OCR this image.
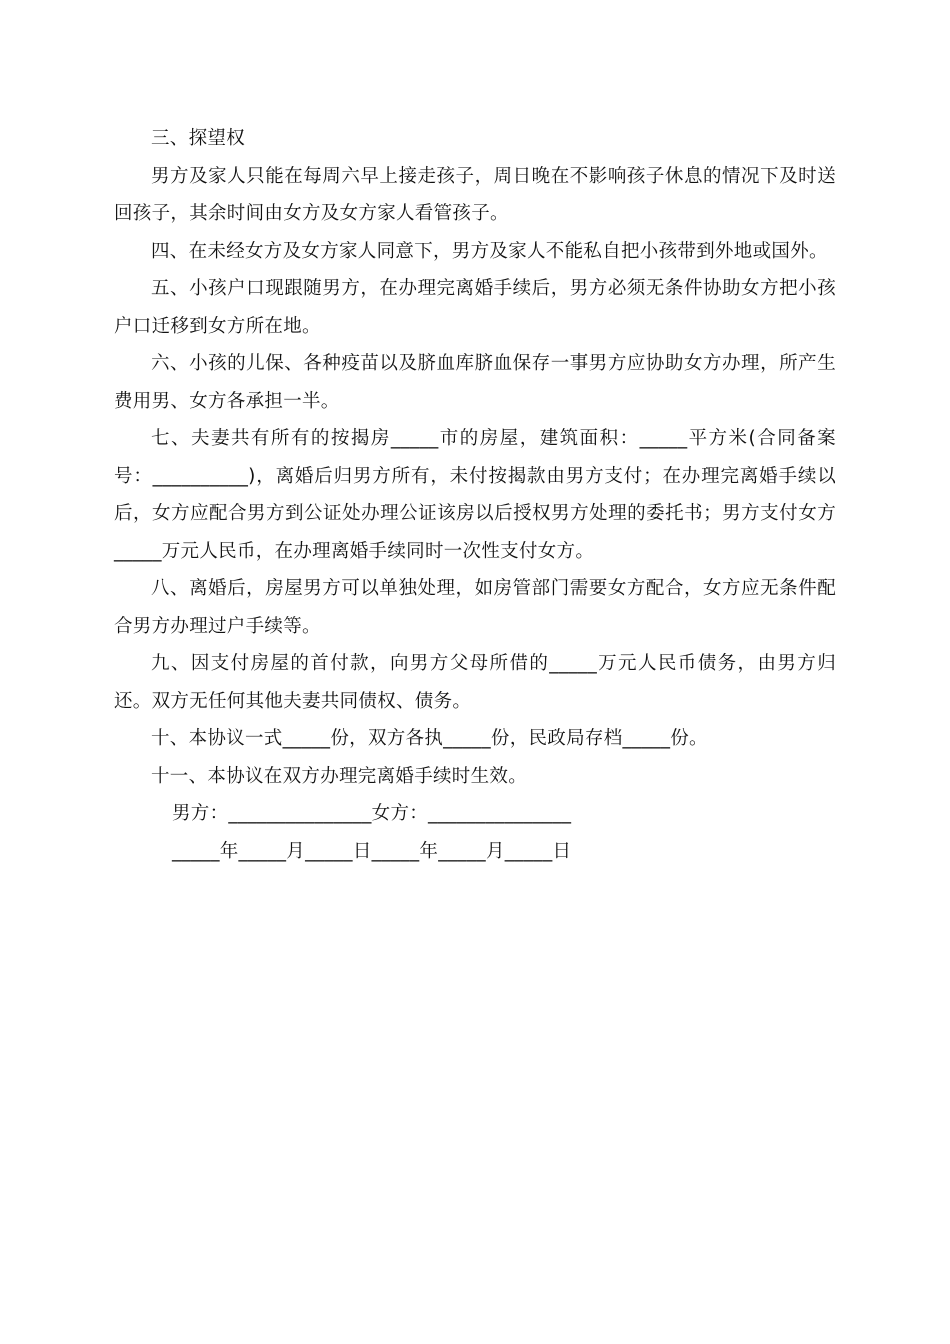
三、探望权

男方及家人只能在每周六早上接走孩子，周日晚在不影响孩子休息的情况下及时送回孩子，其余时间由女方及女方家人看管孩子。

四、在未经女方及女方家人同意下，男方及家人不能私自把小孩带到外地或国外。

五、小孩户口现跟随男方，在办理完离婚手续后，男方必须无条件协助女方把小孩户口迁移到女方所在地。

六、小孩的儿保、各种疫苗以及脐血库脐血保存一事男方应协助女方办理，所产生费用男、女方各承担一半。

七、夫妻共有所有的按揭房_____市的房屋，建筑面积：_____平方米(合同备案号：__________)，离婚后归男方所有，未付按揭款由男方支付；在办理完离婚手续以后，女方应配合男方到公证处办理公证该房以后授权男方处理的委托书；男方支付女方_____万元人民币，在办理离婚手续同时一次性支付女方。

八、离婚后，房屋男方可以单独处理，如房管部门需要女方配合，女方应无条件配合男方办理过户手续等。

九、因支付房屋的首付款，向男方父母所借的_____万元人民币债务，由男方归还。双方无任何其他夫妻共同债权、债务。

十、本协议一式_____份，双方各执_____份，民政局存档_____份。

十一、本协议在双方办理完离婚手续时生效。

男方：_______________女方：_______________

_____年_____月_____日_____年_____月_____日
